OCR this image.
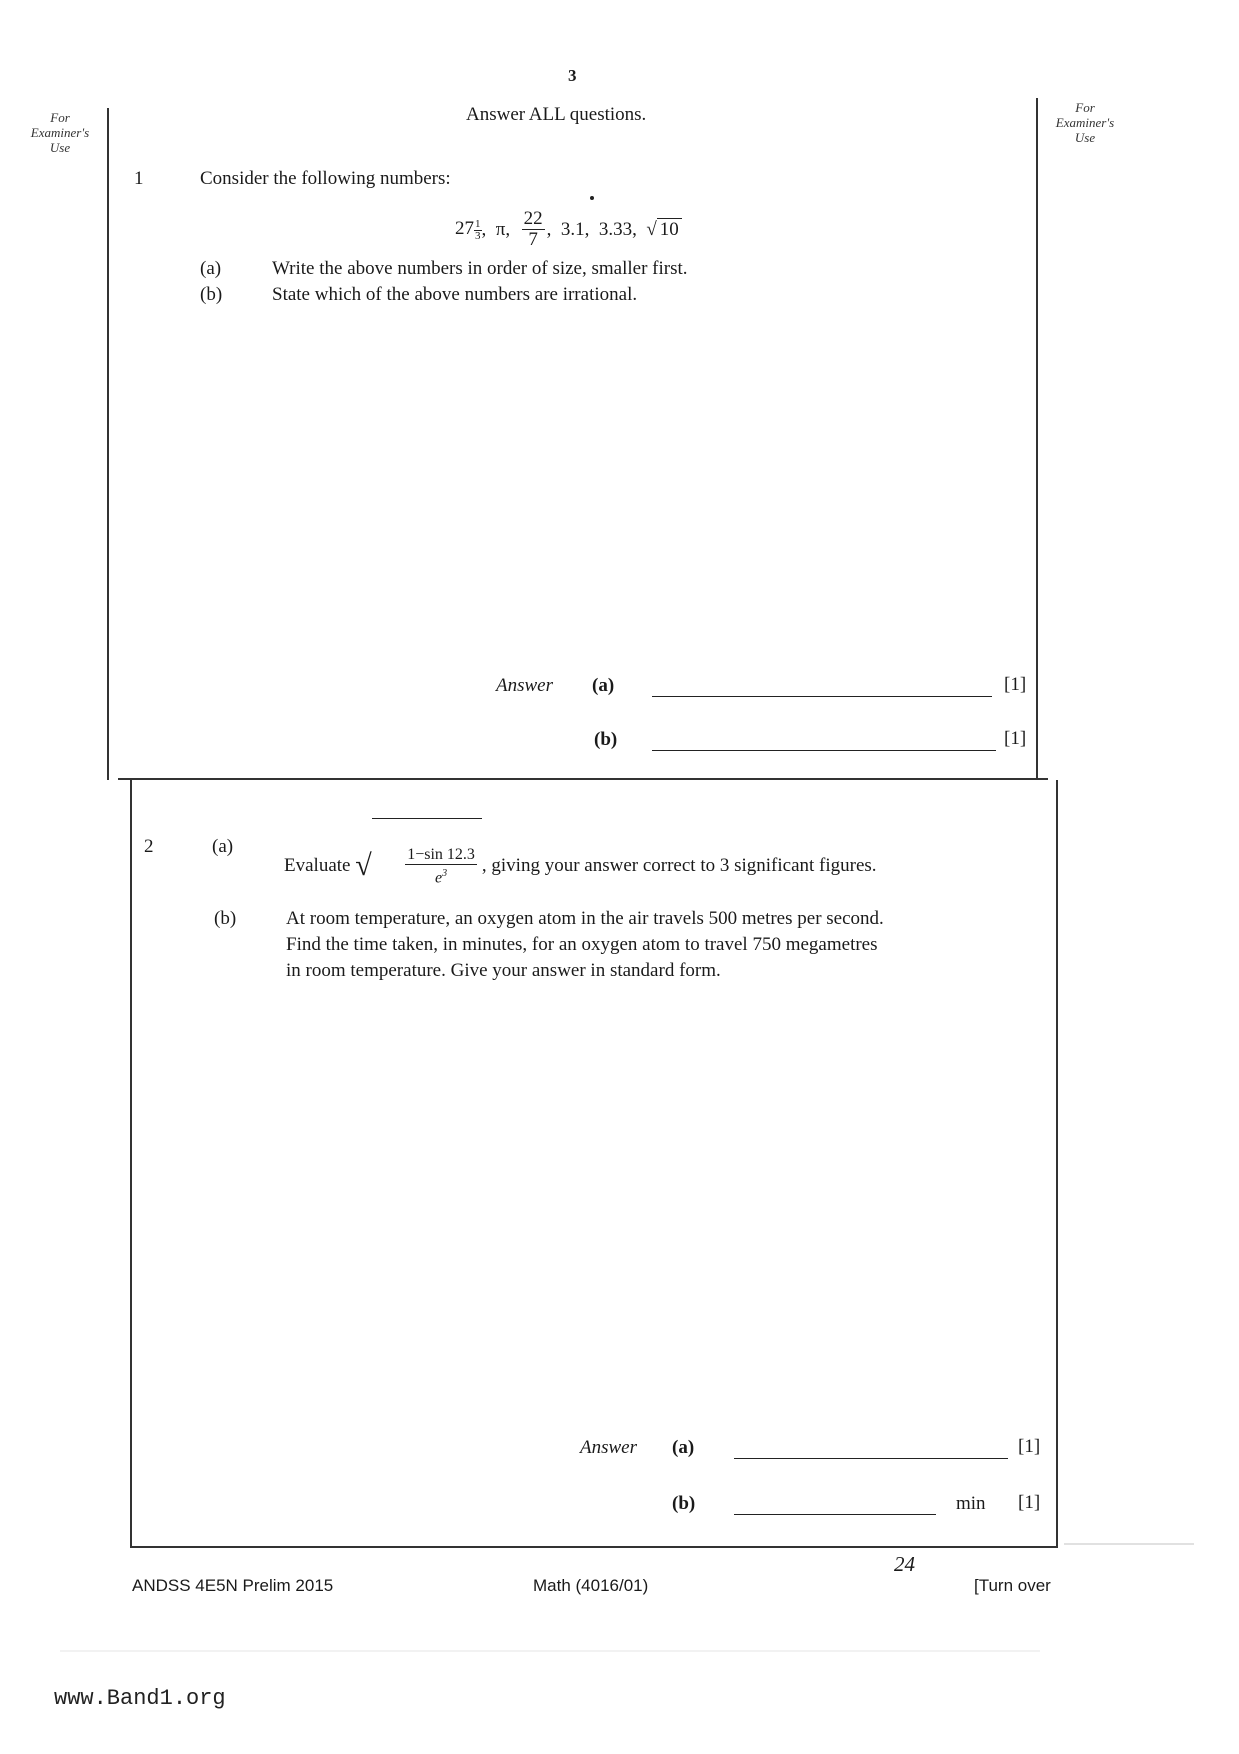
3
For
Examiner's
Use
For
Examiner's
Use
Answer ALL questions.
1	Consider the following numbers:

$27 \frac{1}{3}$

, π,
$\frac{22}{7}$ , 3.1 ,  3.33, √ 10
(a)	Write the above numbers in order of size, smaller first.
(b)	State which of the above numbers are irrational.
Answer (a)	[1]
(b)	[1]
2	(a)
Evaluate
√

$\frac{1-\sin 12.3}{e^3}$

, giving your answer correct to 3 significant figures.
(b)	At room temperature, an oxygen atom in the air travels 500 metres per second.
Find the time taken, in minutes, for an oxygen atom to travel 750 megametres
in room temperature. Give your answer in standard form.
Answer (a)	[1]
(b)	min [1]
24
ANDSS 4E5N Prelim 2015	Math (4016/01)	[Turn over
www.Band1.org
